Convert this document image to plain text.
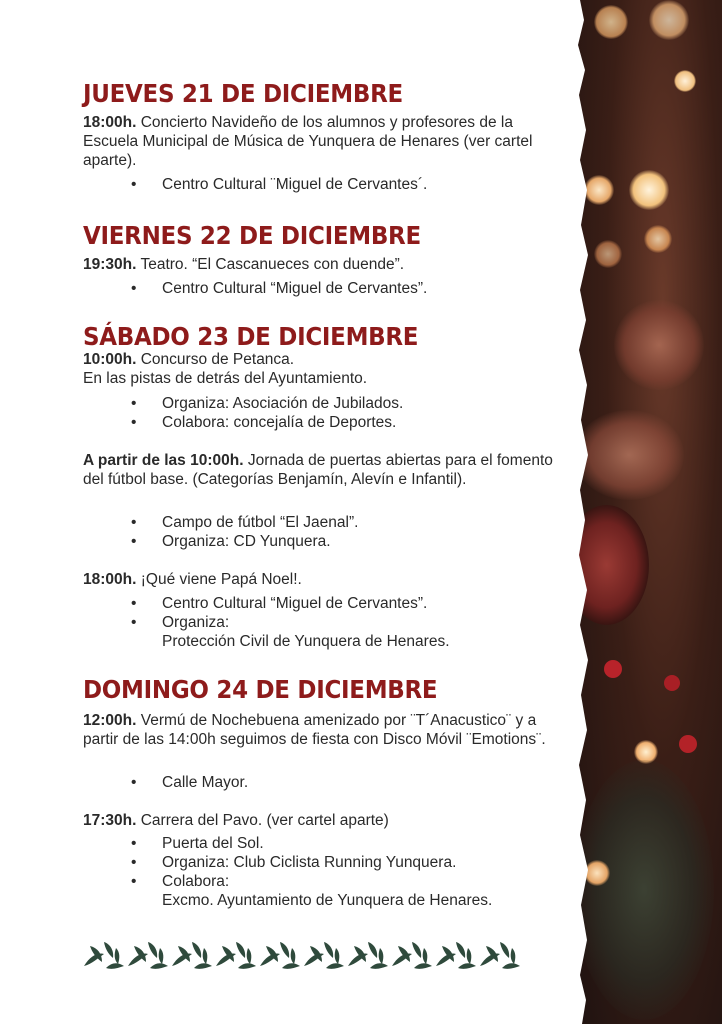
JUEVES 21 DE DICIEMBRE
18:00h. Concierto Navideño de los alumnos y profesores de la Escuela Municipal de Música de Yunquera de Henares (ver cartel aparte).
• Centro Cultural ¨Miguel de Cervantes´.
VIERNES 22 DE DICIEMBRE
19:30h. Teatro. “El Cascanueces con duende”.
• Centro Cultural “Miguel de Cervantes”.
SÁBADO 23 DE DICIEMBRE
10:00h. Concurso de Petanca.
En las pistas de detrás del Ayuntamiento.
• Organiza: Asociación de Jubilados.
• Colabora: concejalía de Deportes.
A partir de las 10:00h. Jornada de puertas abiertas para el fomento del fútbol base. (Categorías Benjamín, Alevín e Infantil).
• Campo de fútbol “El Jaenal”.
• Organiza: CD Yunquera.
18:00h. ¡Qué viene Papá Noel!.
• Centro Cultural “Miguel de Cervantes”.
• Organiza:
Protección Civil de Yunquera de Henares.
DOMINGO 24 DE DICIEMBRE
12:00h. Vermú de Nochebuena amenizado por ¨T´Anacustico¨ y a partir de las 14:00h seguimos de fiesta con Disco Móvil ¨Emotions¨.
• Calle Mayor.
17:30h. Carrera del Pavo. (ver cartel aparte)
• Puerta del Sol.
• Organiza: Club Ciclista Running Yunquera.
• Colabora:
Excmo. Ayuntamiento de Yunquera de Henares.
